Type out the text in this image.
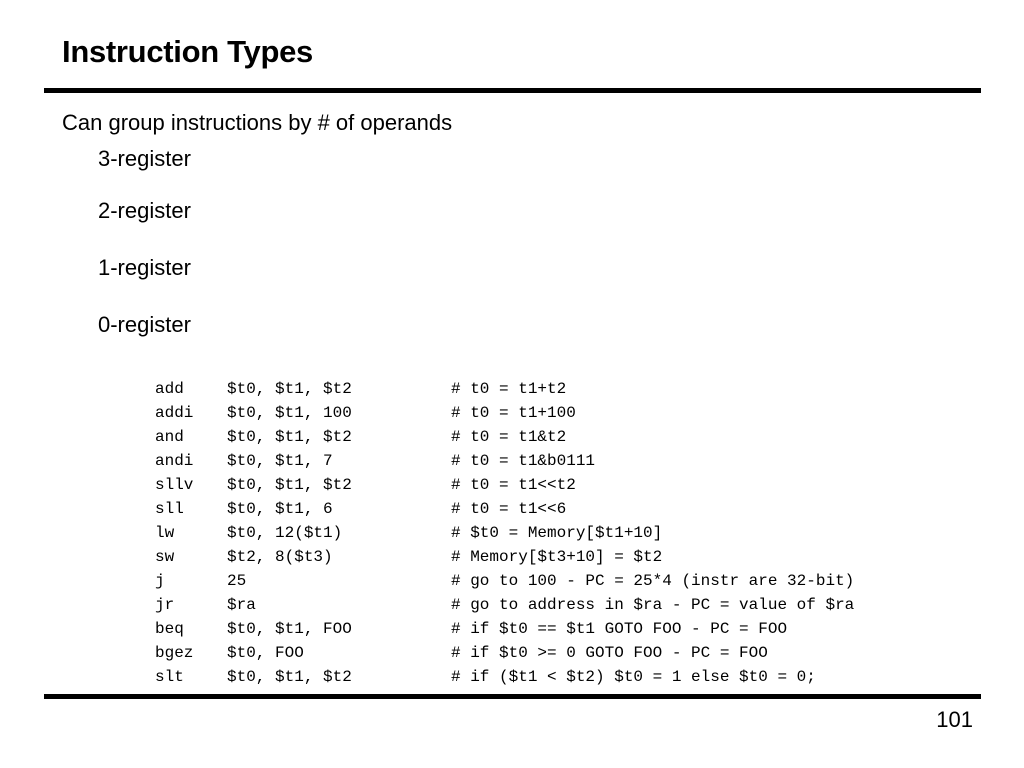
Instruction Types
Can group instructions by # of operands
3-register
2-register
1-register
0-register
add	$t0, $t1, $t2	# t0 = t1+t2
addi	$t0, $t1, 100	# t0 = t1+100
and	$t0, $t1, $t2	# t0 = t1&t2
andi	$t0, $t1, 7	# t0 = t1&b0111
sllv	$t0, $t1, $t2	# t0 = t1<<t2
sll	$t0, $t1, 6	# t0 = t1<<6
lw	$t0, 12($t1)	# $t0 = Memory[$t1+10]
sw	$t2, 8($t3)	# Memory[$t3+10] = $t2
j	25	# go to 100 - PC = 25*4 (instr are 32-bit)
jr	$ra	# go to address in $ra - PC = value of $ra
beq	$t0, $t1, FOO	# if $t0 == $t1 GOTO FOO - PC = FOO
bgez	$t0, FOO	# if $t0 >= 0 GOTO FOO - PC = FOO
slt	$t0, $t1, $t2	# if ($t1 < $t2) $t0 = 1 else $t0 = 0;
101
